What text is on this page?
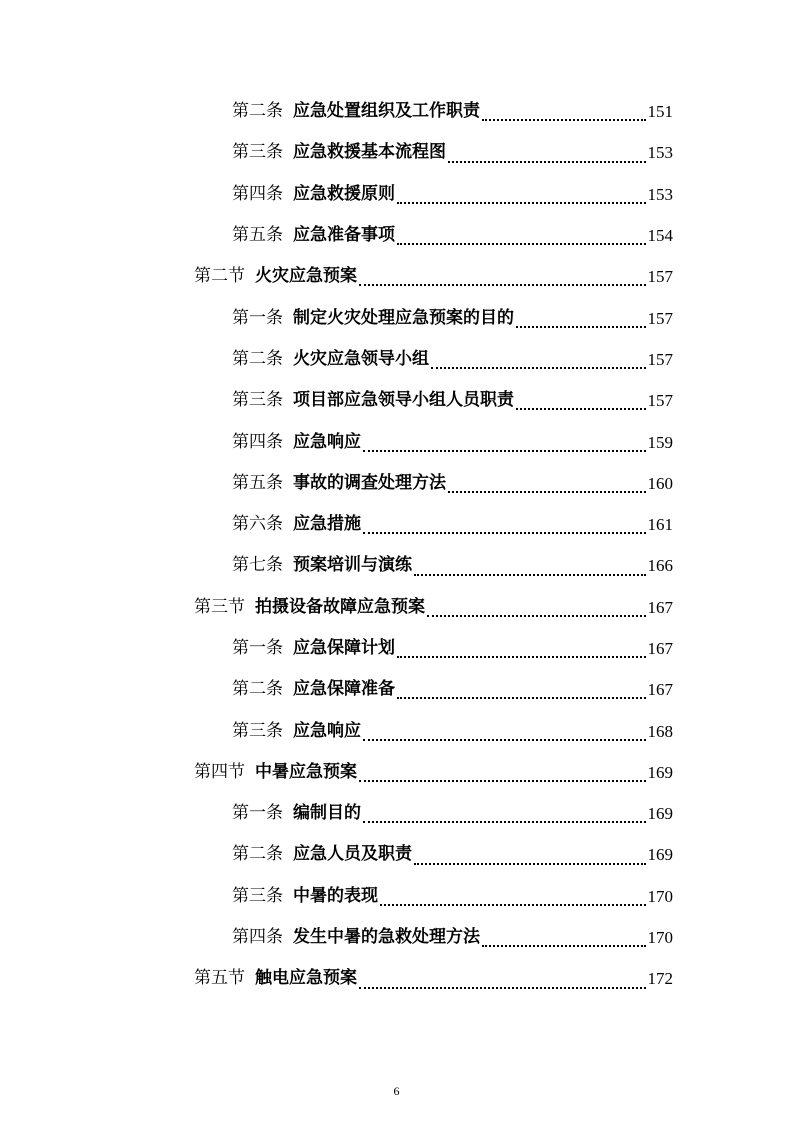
第二条 应急处置组织及工作职责	151
第三条 应急救援基本流程图	153
第四条 应急救援原则	153
第五条 应急准备事项	154
第二节 火灾应急预案	157
第一条 制定火灾处理应急预案的目的	157
第二条 火灾应急领导小组	157
第三条 项目部应急领导小组人员职责	157
第四条 应急响应	159
第五条 事故的调查处理方法	160
第六条 应急措施	161
第七条 预案培训与演练	166
第三节 拍摄设备故障应急预案	167
第一条 应急保障计划	167
第二条 应急保障准备	167
第三条 应急响应	168
第四节 中暑应急预案	169
第一条 编制目的	169
第二条 应急人员及职责	169
第三条 中暑的表现	170
第四条 发生中暑的急救处理方法	170
第五节 触电应急预案	172
6
